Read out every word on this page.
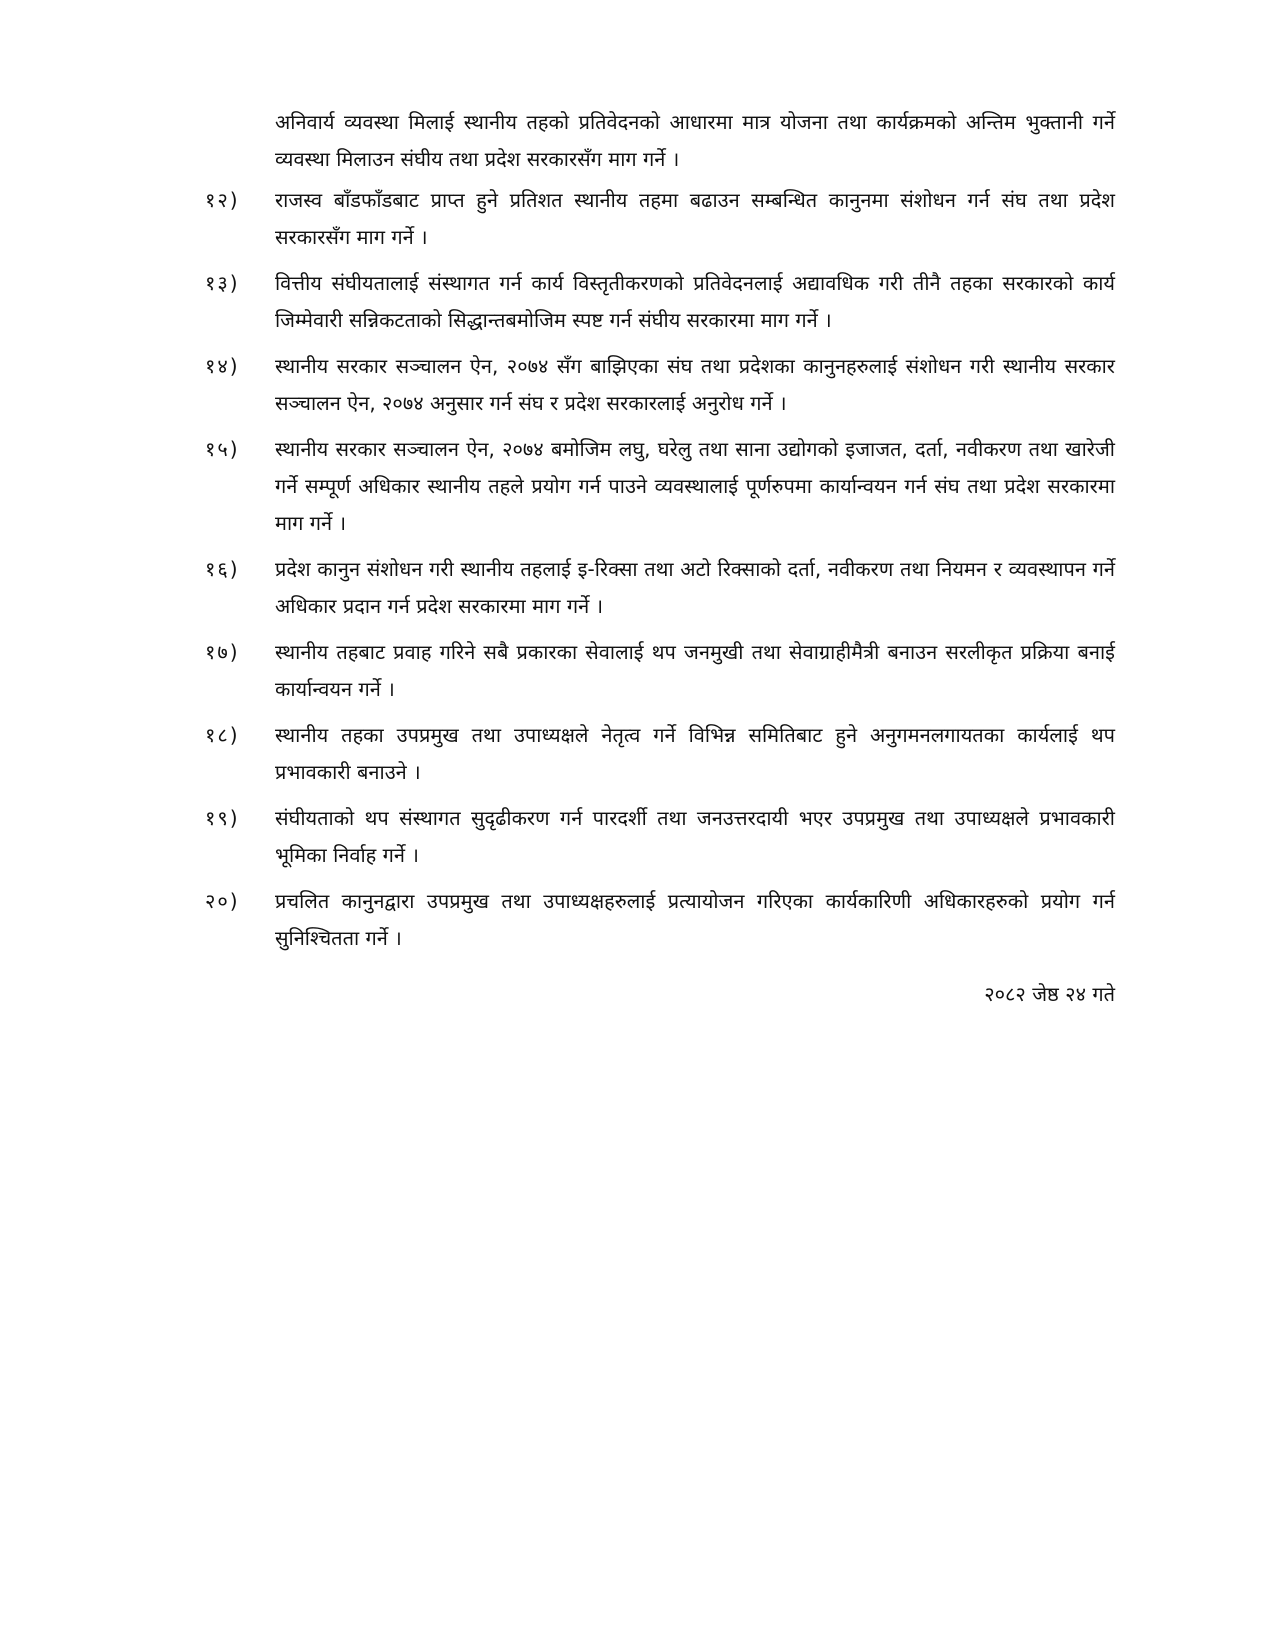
अनिवार्य व्यवस्था मिलाई स्थानीय तहको प्रतिवेदनको आधारमा मात्र योजना तथा कार्यक्रमको अन्तिम भुक्तानी गर्ने व्यवस्था मिलाउन संघीय तथा प्रदेश सरकारसँग माग गर्ने ।

१२)	राजस्व बाँडफाँडबाट प्राप्त हुने प्रतिशत स्थानीय तहमा बढाउन सम्बन्धित कानुनमा संशोधन गर्न संघ तथा प्रदेश सरकारसँग माग गर्ने ।
१३)	वित्तीय संघीयतालाई संस्थागत गर्न कार्य विस्तृतीकरणको प्रतिवेदनलाई अद्यावधिक गरी तीनै तहका सरकारको कार्य जिम्मेवारी सन्निकटताको सिद्धान्तबमोजिम स्पष्ट गर्न संघीय सरकारमा माग गर्ने ।
१४)	स्थानीय सरकार सञ्चालन ऐन, २०७४ सँग बाझिएका संघ तथा प्रदेशका कानुनहरुलाई संशोधन गरी स्थानीय सरकार सञ्चालन ऐन, २०७४ अनुसार गर्न संघ र प्रदेश सरकारलाई अनुरोध गर्ने ।
१५)	स्थानीय सरकार सञ्चालन ऐन, २०७४ बमोजिम लघु, घरेलु तथा साना उद्योगको इजाजत, दर्ता, नवीकरण तथा खारेजी गर्ने सम्पूर्ण अधिकार स्थानीय तहले प्रयोग गर्न पाउने व्यवस्थालाई पूर्णरुपमा कार्यान्वयन गर्न संघ तथा प्रदेश सरकारमा माग गर्ने ।
१६)	प्रदेश कानुन संशोधन गरी स्थानीय तहलाई इ-रिक्सा तथा अटो रिक्साको दर्ता, नवीकरण तथा नियमन र व्यवस्थापन गर्ने अधिकार प्रदान गर्न प्रदेश सरकारमा माग गर्ने ।
१७)	स्थानीय तहबाट प्रवाह गरिने सबै प्रकारका सेवालाई थप जनमुखी तथा सेवाग्राहीमैत्री बनाउन सरलीकृत प्रक्रिया बनाई कार्यान्वयन गर्ने ।
१८)	स्थानीय तहका उपप्रमुख तथा उपाध्यक्षले नेतृत्व गर्ने विभिन्न समितिबाट हुने अनुगमनलगायतका कार्यलाई थप प्रभावकारी बनाउने ।
१९)	संघीयताको थप संस्थागत सुदृढीकरण गर्न पारदर्शी तथा जनउत्तरदायी भएर उपप्रमुख तथा उपाध्यक्षले प्रभावकारी भूमिका निर्वाह गर्ने ।
२०)	प्रचलित कानुनद्वारा उपप्रमुख तथा उपाध्यक्षहरुलाई प्रत्यायोजन गरिएका कार्यकारिणी अधिकारहरुको प्रयोग गर्न सुनिश्चितता गर्ने ।
२०८२ जेष्ठ २४ गते
